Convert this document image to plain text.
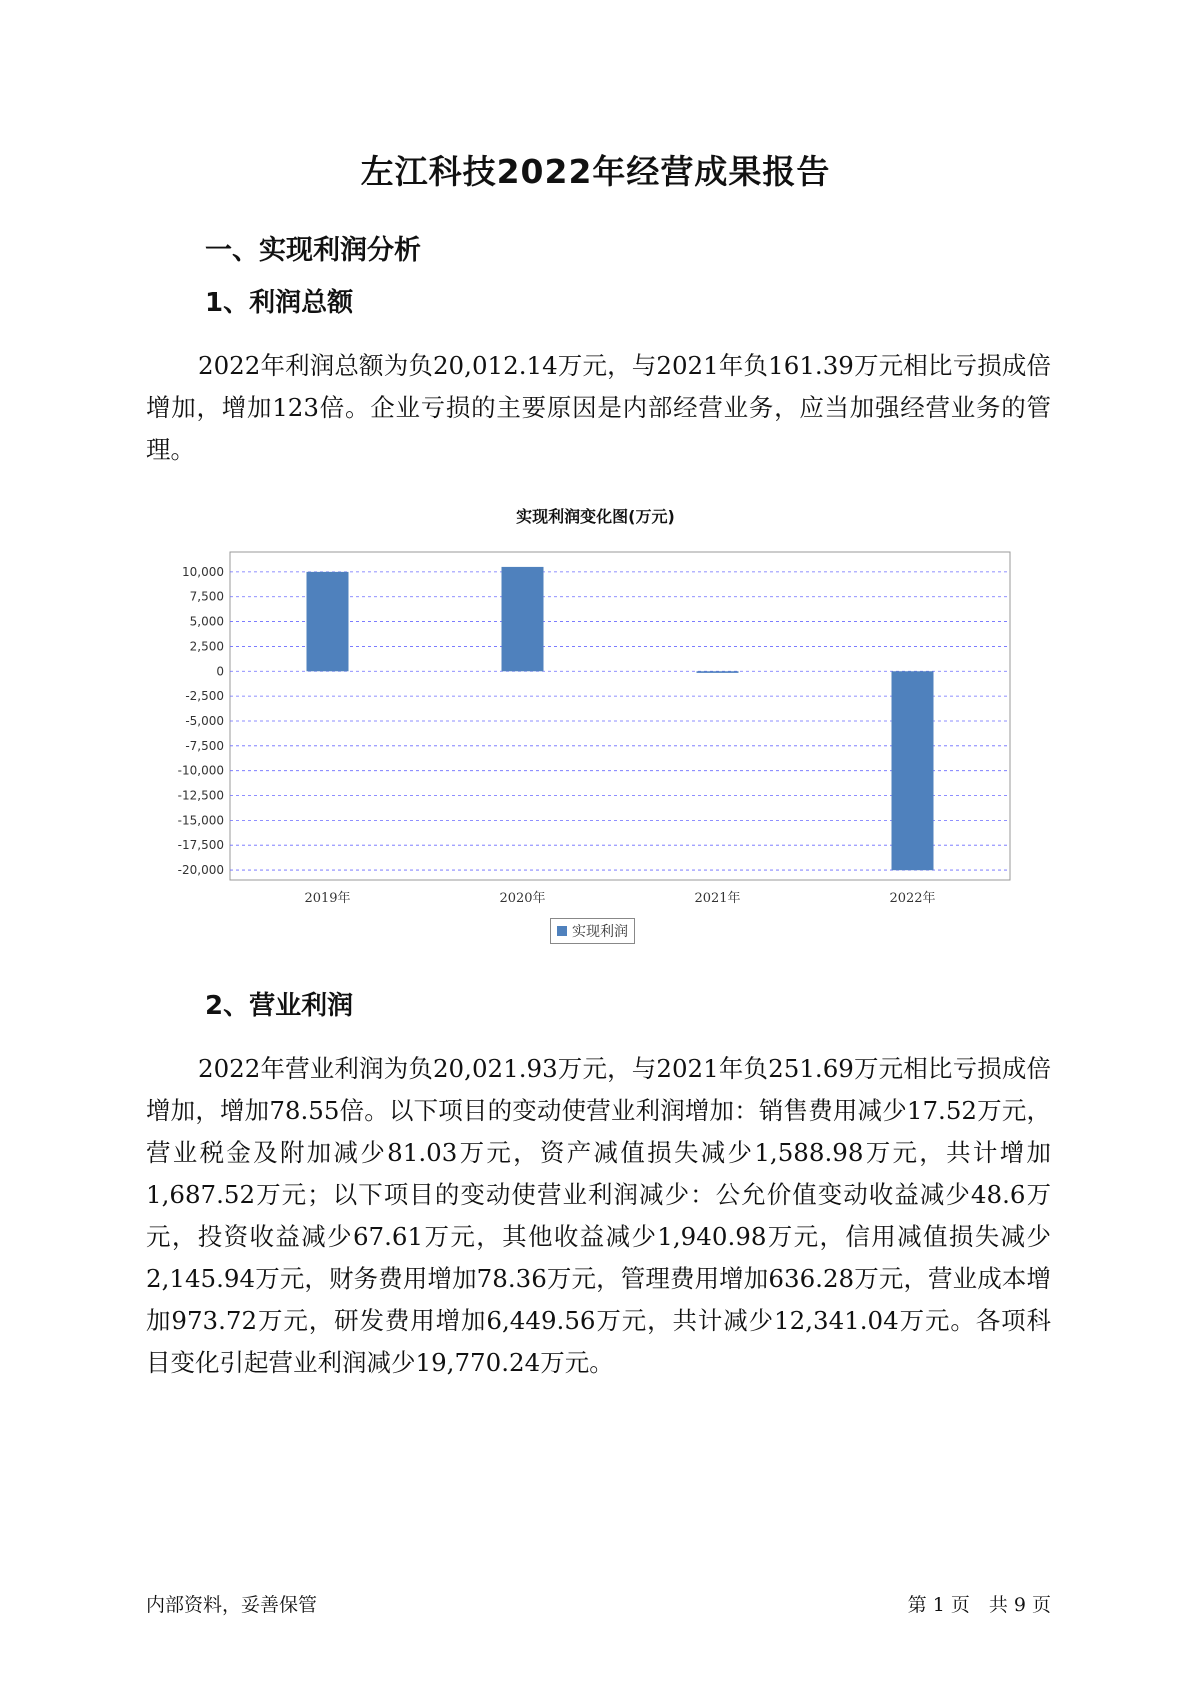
左江科技2022年经营成果报告
一、实现利润分析
1、利润总额

2022年利润总额为负20,012.14万元，与2021年负161.39万元相比亏损成倍增加，增加123倍。企业亏损的主要原因是内部经营业务，应当加强经营业务的管理。

实现利润变化图(万元)
10,000
7,500
5,000
2,500
0
-2,500
-5,000
-7,500
-10,000
-12,500
-15,000
-17,500
-20,000
2019年	2020年	2021年	2022年
实现利润
2、营业利润

2022年营业利润为负20,021.93万元，与2021年负251.69万元相比亏损成倍增加，增加78.55倍。以下项目的变动使营业利润增加：销售费用减少17.52万元，营业税金及附加减少81.03万元，资产减值损失减少1,588.98万元，共计增加1,687.52万元；以下项目的变动使营业利润减少：公允价值变动收益减少48.6万元，投资收益减少67.61万元，其他收益减少1,940.98万元，信用减值损失减少2,145.94万元，财务费用增加78.36万元，管理费用增加636.28万元，营业成本增加973.72万元，研发费用增加6,449.56万元，共计减少12,341.04万元。各项科目变化引起营业利润减少19,770.24万元。

内部资料，妥善保管	第 1 页　共 9 页
